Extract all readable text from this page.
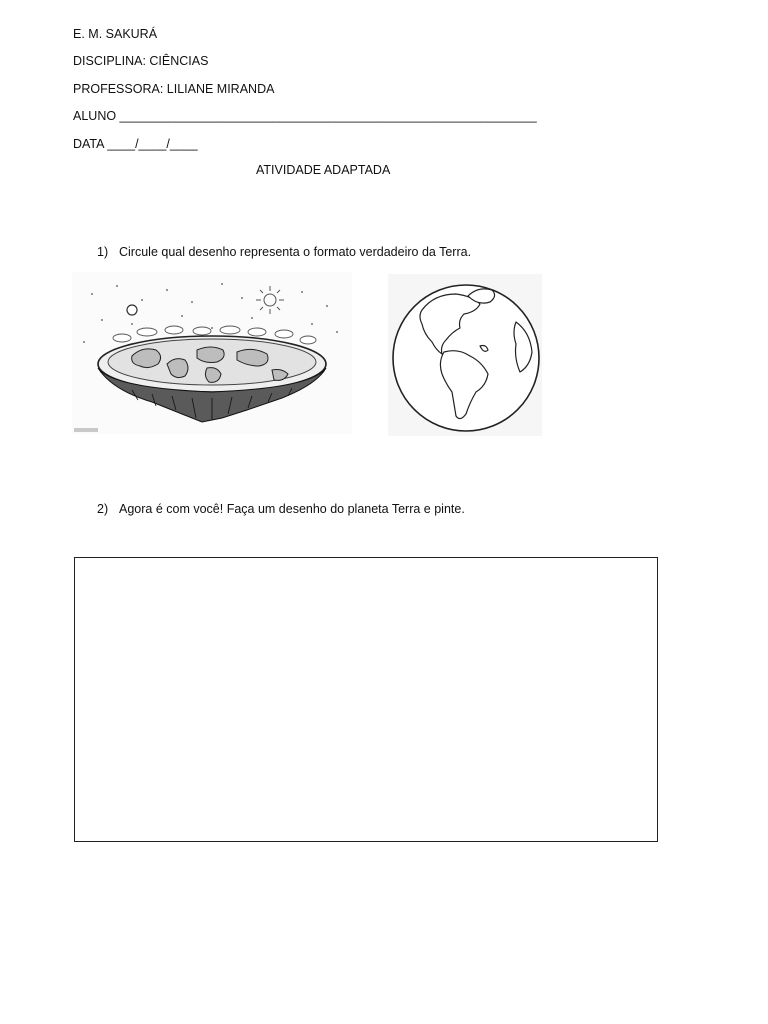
E. M. SAKURÁ
DISCIPLINA: CIÊNCIAS
PROFESSORA: LILIANE MIRANDA
ALUNO ____________________________________________________________
DATA ____/____/____
ATIVIDADE ADAPTADA
1) Circule qual desenho representa o formato verdadeiro da Terra.
2) Agora é com você! Faça um desenho do planeta Terra e pinte.
